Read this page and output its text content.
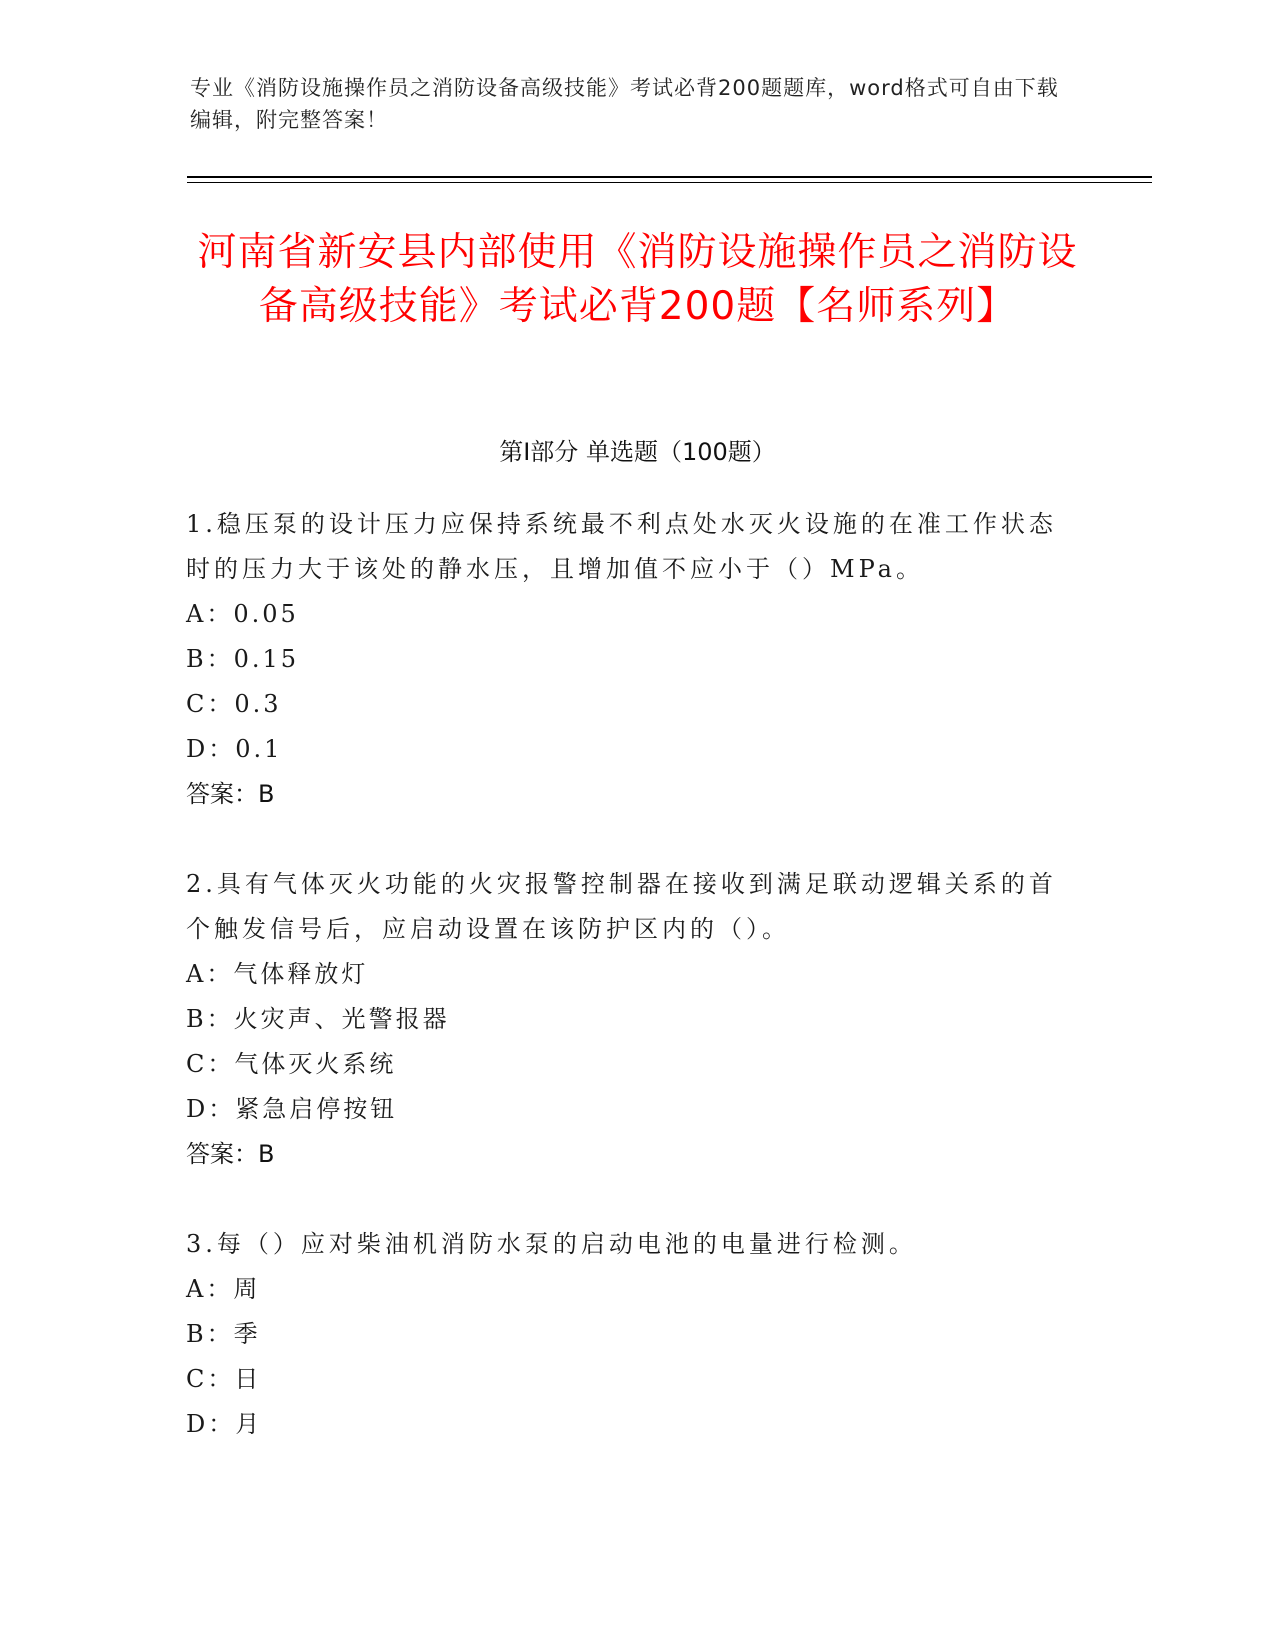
专业《消防设施操作员之消防设备高级技能》考试必背200题题库，word格式可自由下载编辑，附完整答案！
河南省新安县内部使用《消防设施操作员之消防设备高级技能》考试必背200题【名师系列】
第Ⅰ部分 单选题（100题）

1.稳压泵的设计压力应保持系统最不利点处水灭火设施的在准工作状态时的压力大于该处的静水压，且增加值不应小于（）MPa。

A：0.05

B：0.15

C：0.3

D：0.1

答案：B

2.具有气体灭火功能的火灾报警控制器在接收到满足联动逻辑关系的首个触发信号后，应启动设置在该防护区内的（）。

A：气体释放灯

B：火灾声、光警报器

C：气体灭火系统

D：紧急启停按钮

答案：B

3.每（）应对柴油机消防水泵的启动电池的电量进行检测。

A：周

B：季

C：日

D：月
